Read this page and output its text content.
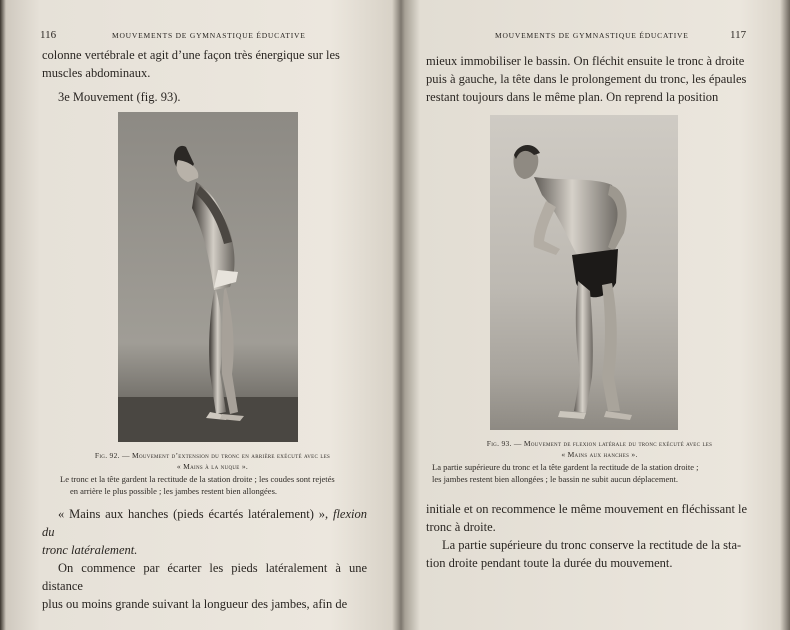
116	MOUVEMENTS DE GYMNASTIQUE ÉDUCATIVE

colonne vertébrale et agit d’une façon très énergique sur les

muscles abdominaux.

3e Mouvement (fig. 93).

Fig. 92. — Mouvement d’extension du tronc en arrière exécuté avec les
« Mains à la nuque ».
Le tronc et la tête gardent la rectitude de la station droite ; les coudes sont rejetés
en arrière le plus possible ; les jambes restent bien allongées.

« Mains aux hanches (pieds écartés latéralement) », flexion du

tronc latéralement.

On commence par écarter les pieds latéralement à une distance

plus ou moins grande suivant la longueur des jambes, afin de

MOUVEMENTS DE GYMNASTIQUE ÉDUCATIVE	117

mieux immobiliser le bassin. On fléchit ensuite le tronc à droite

puis à gauche, la tête dans le prolongement du tronc, les épaules

restant toujours dans le même plan. On reprend la position

Fig. 93. — Mouvement de flexion latérale du tronc exécuté avec les
« Mains aux hanches ».
La partie supérieure du tronc et la tête gardent la rectitude de la station droite ;
les jambes restent bien allongées ; le bassin ne subit aucun déplacement.

initiale et on recommence le même mouvement en fléchissant le

tronc à droite.

La partie supérieure du tronc conserve la rectitude de la sta-

tion droite pendant toute la durée du mouvement.
